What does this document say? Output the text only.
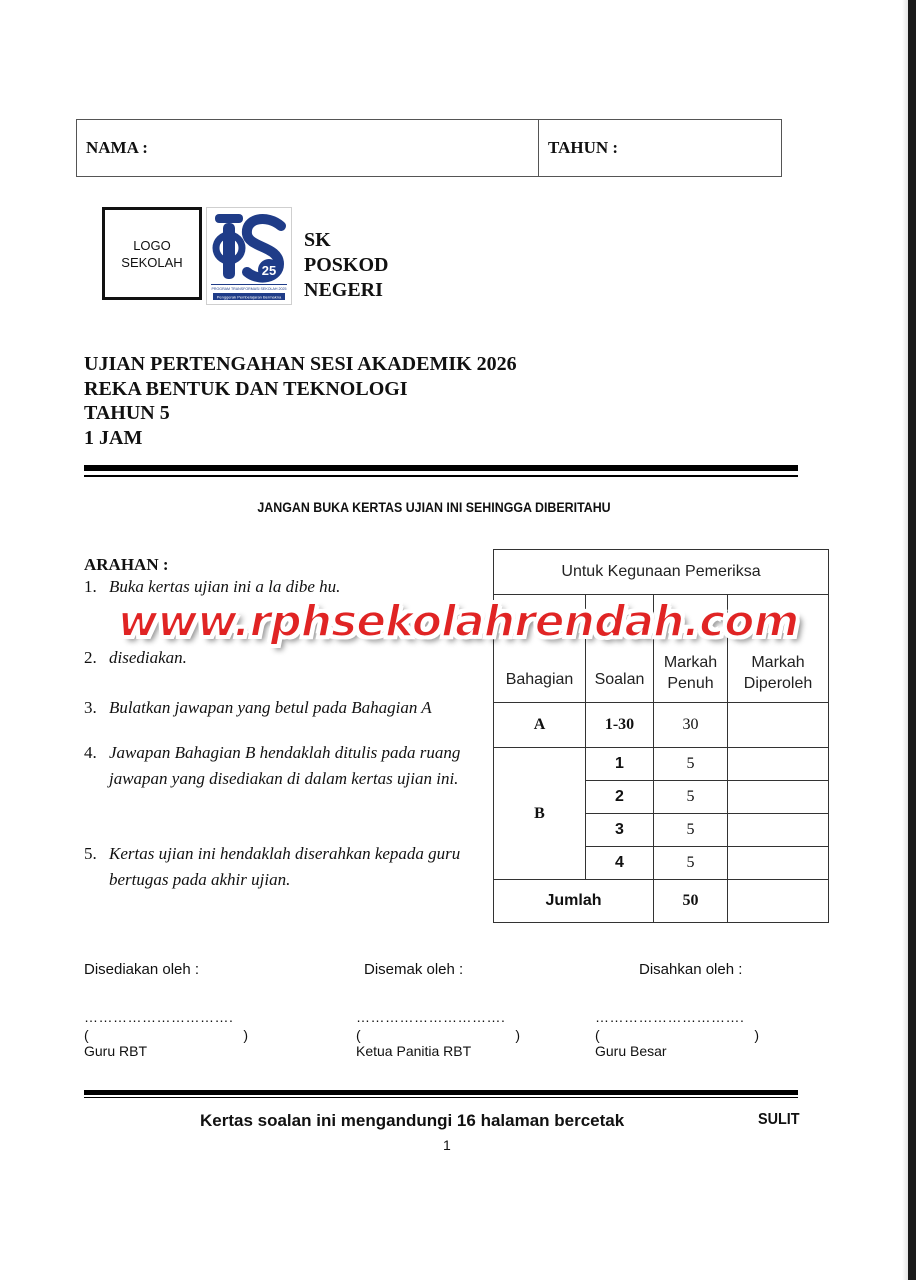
NAMA :	TAHUN :
LOGO
SEKOLAH
25
PROGRAM TRANSFORMASI SEKOLAH 2025
Penggerak Pembelajaran Bermakna
SK
POSKOD
NEGERI
UJIAN PERTENGAHAN SESI AKADEMIK 2026
REKA BENTUK DAN TEKNOLOGI
TAHUN 5
1 JAM
JANGAN BUKA KERTAS UJIAN INI SEHINGGA DIBERITAHU
ARAHAN :
1. Buka kertas ujian ini a la dibe hu.
2. disediakan.
3. Bulatkan jawapan yang betul pada Bahagian A
4. Jawapan Bahagian B hendaklah ditulis pada ruang jawapan yang disediakan di dalam kertas ujian ini.
5. Kertas ujian ini hendaklah diserahkan kepada guru bertugas pada akhir ujian.
Untuk Kegunaan Pemeriksa			
Bahagian	Soalan	Markah Penuh	Markah Diperoleh
A	1-30	30	
B	1	5	
	2	5	
	3	5	
	4	5	
Jumlah		50	
www.rphsekolahrendah.com
Disediakan oleh :
………………………….
(	)
Guru RBT
Disemak oleh :
………………………….
(	)
Ketua Panitia RBT
Disahkan oleh :
………………………….
(	)
Guru Besar
Kertas soalan ini mengandungi 16 halaman bercetak	SULIT
1
